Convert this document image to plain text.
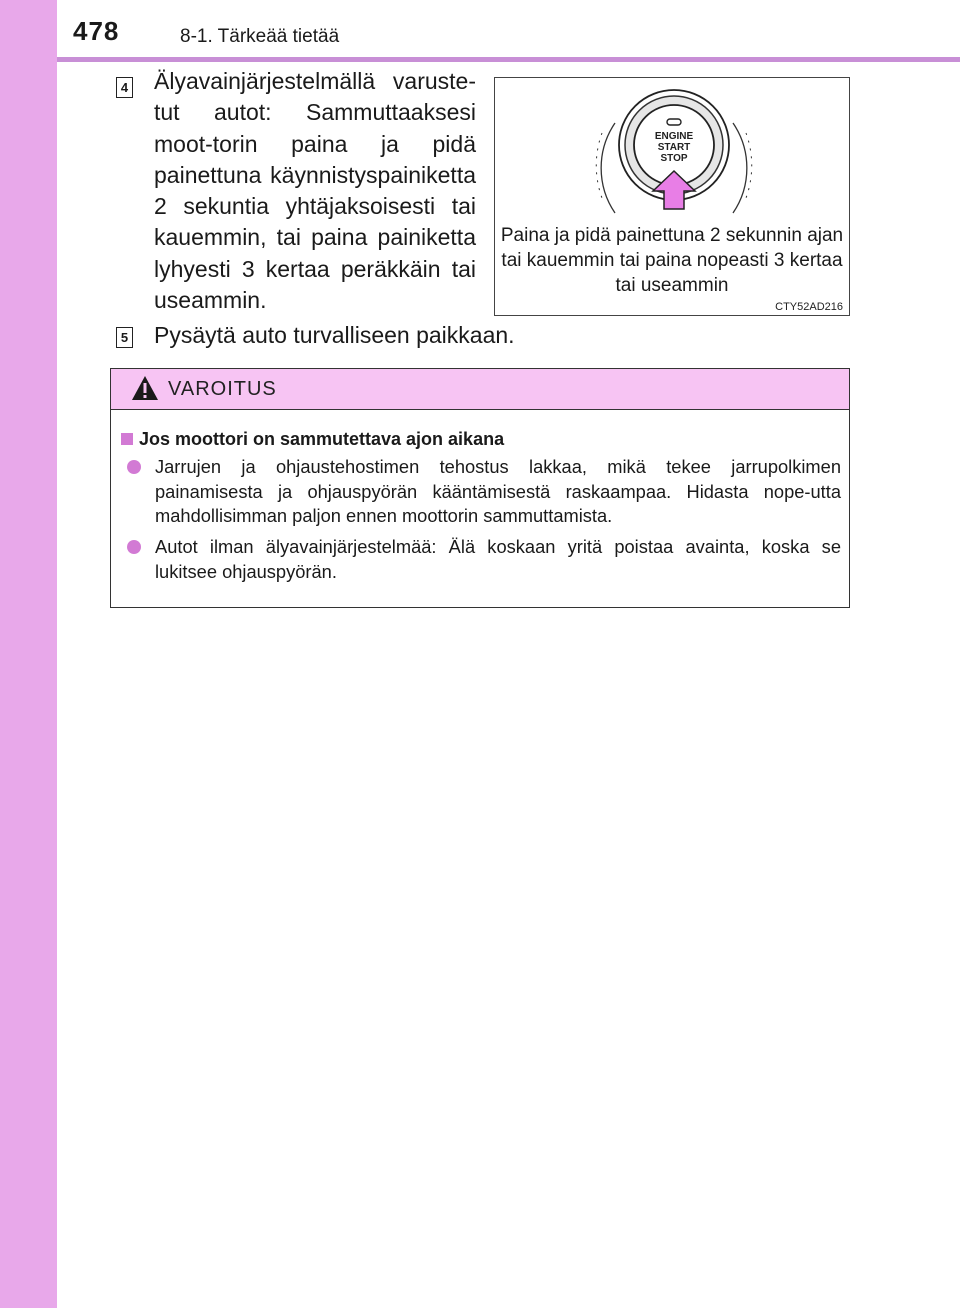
478	8-1. Tärkeää tietää
4 Älyavainjärjestelmällä varuste-tut autot: Sammuttaaksesi moot-torin paina ja pidä painettuna käynnistyspainiketta 2 sekuntia yhtäjaksoisesti tai kauemmin, tai paina painiketta lyhyesti 3 kertaa peräkkäin tai useammin.
ENGINE
START
STOP
Paina ja pidä painettuna 2 sekunnin ajan tai kauemmin tai paina nopeasti 3 kertaa tai useammin
CTY52AD216
5 Pysäytä auto turvalliseen paikkaan.
VAROITUS
Jos moottori on sammutettava ajon aikana
Jarrujen ja ohjaustehostimen tehostus lakkaa, mikä tekee jarrupolkimen painamisesta ja ohjauspyörän kääntämisestä raskaampaa. Hidasta nope-utta mahdollisimman paljon ennen moottorin sammuttamista.
Autot ilman älyavainjärjestelmää: Älä koskaan yritä poistaa avainta, koska se lukitsee ohjauspyörän.
